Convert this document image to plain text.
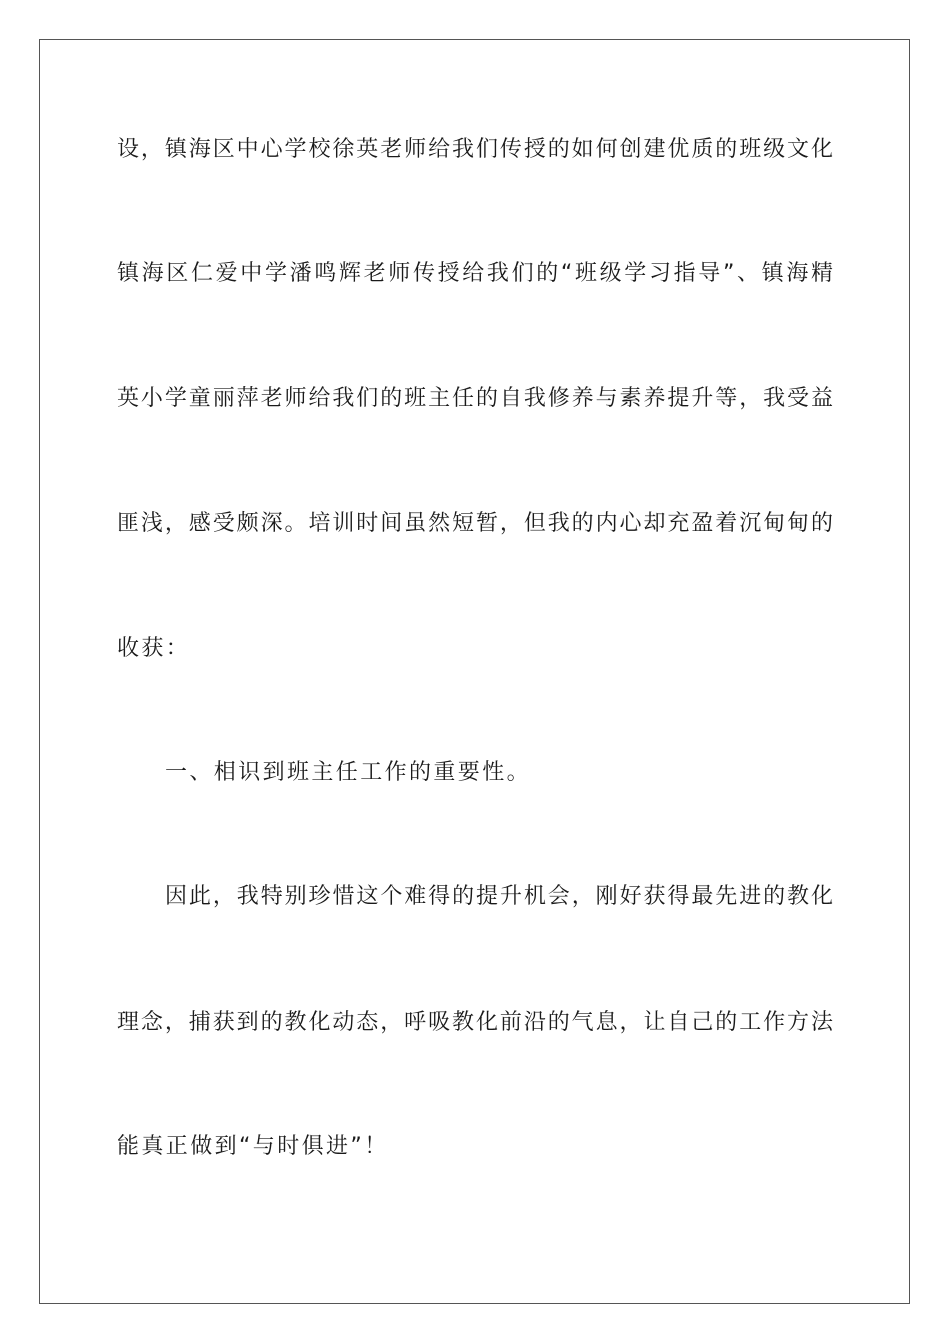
设，镇海区中心学校徐英老师给我们传授的如何创建优质的班级文化
镇海区仁爱中学潘鸣辉老师传授给我们的“班级学习指导”、镇海精
英小学童丽萍老师给我们的班主任的自我修养与素养提升等，我受益
匪浅，感受颇深。培训时间虽然短暂，但我的内心却充盈着沉甸甸的
收获：
一、相识到班主任工作的重要性。
因此，我特别珍惜这个难得的提升机会，刚好获得最先进的教化
理念，捕获到的教化动态，呼吸教化前沿的气息，让自己的工作方法
能真正做到“与时俱进”！
